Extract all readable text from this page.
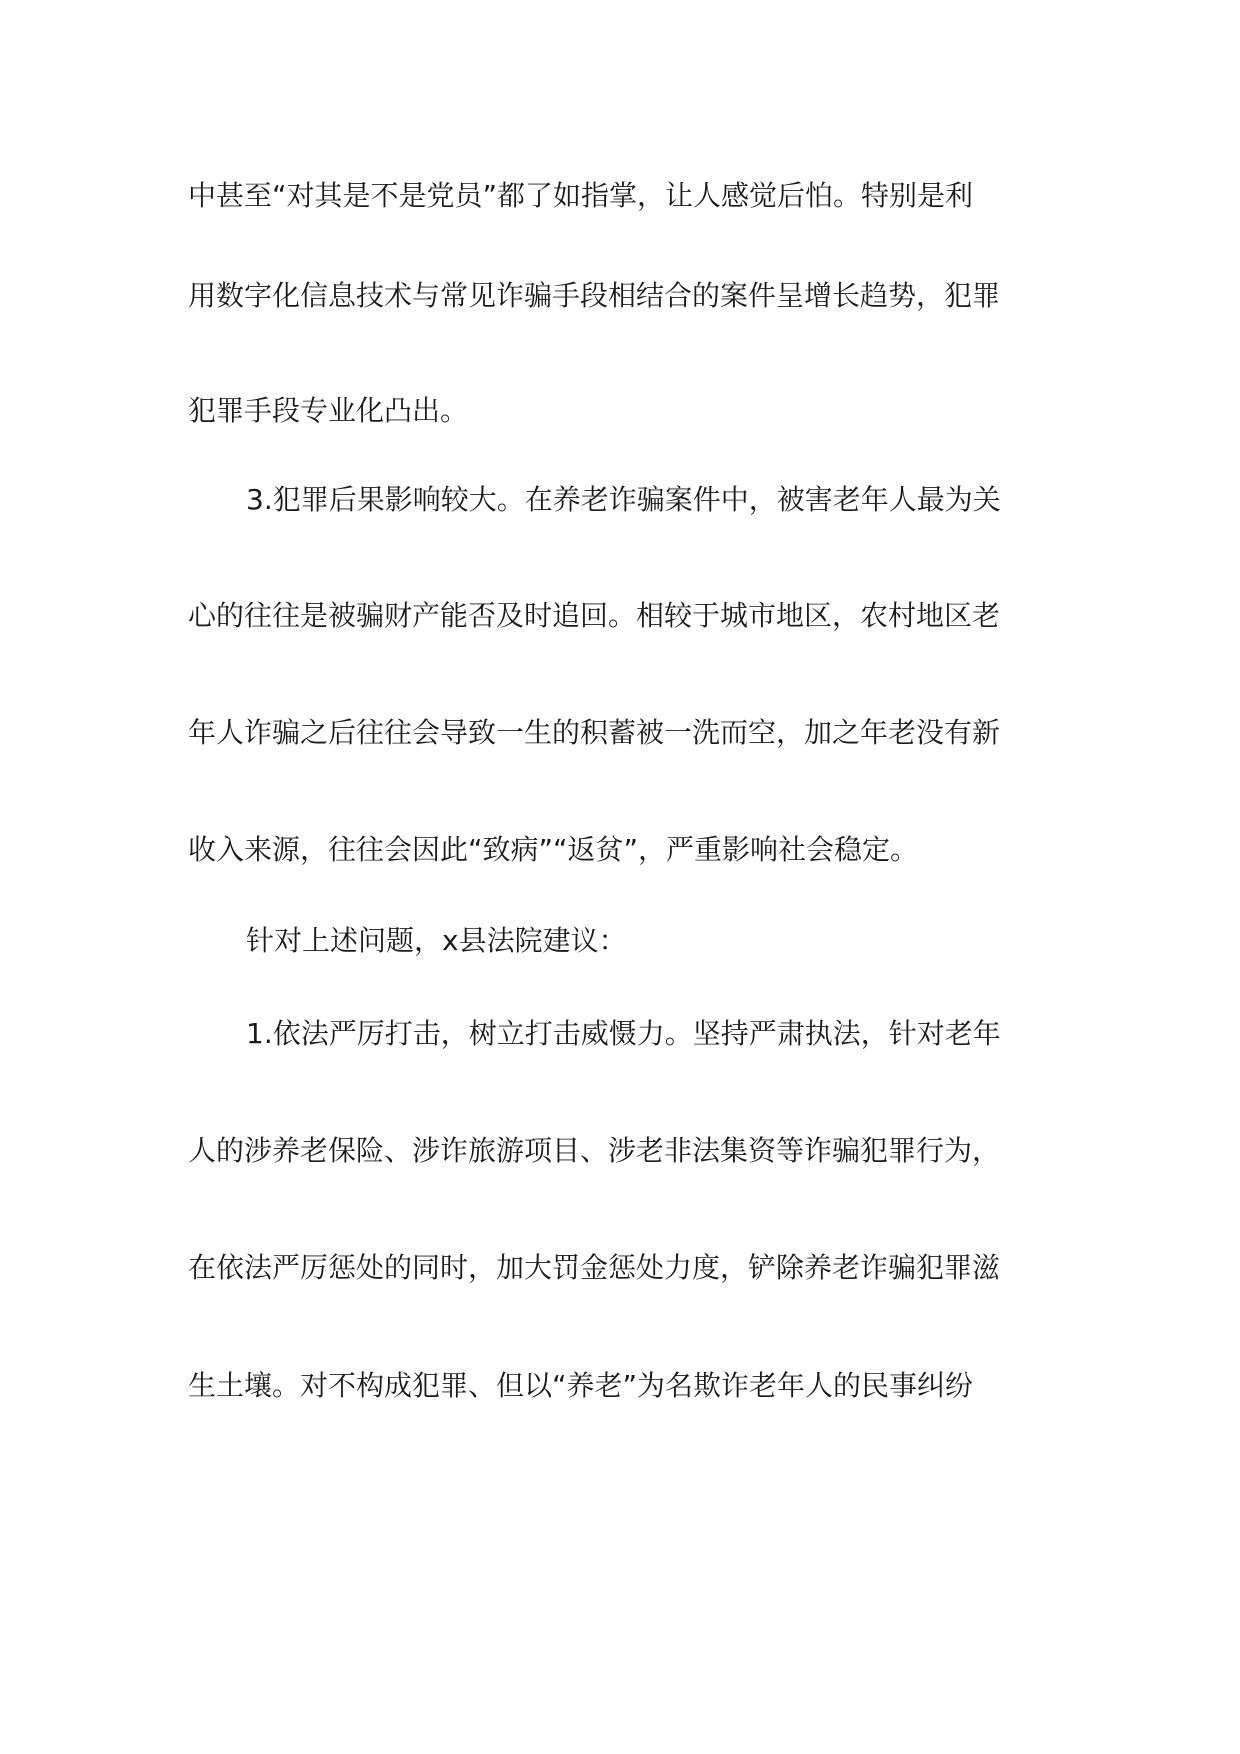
中甚至“对其是不是党员”都了如指掌，让人感觉后怕。特别是利
用数字化信息技术与常见诈骗手段相结合的案件呈增长趋势，犯罪
犯罪手段专业化凸出。
3.犯罪后果影响较大。在养老诈骗案件中，被害老年人最为关
心的往往是被骗财产能否及时追回。相较于城市地区，农村地区老
年人诈骗之后往往会导致一生的积蓄被一洗而空，加之年老没有新
收入来源，往往会因此“致病”“返贫”，严重影响社会稳定。
针对上述问题，x县法院建议：
1.依法严厉打击，树立打击威慑力。坚持严肃执法，针对老年
人的涉养老保险、涉诈旅游项目、涉老非法集资等诈骗犯罪行为，
在依法严厉惩处的同时，加大罚金惩处力度，铲除养老诈骗犯罪滋
生土壤。对不构成犯罪、但以“养老”为名欺诈老年人的民事纠纷
